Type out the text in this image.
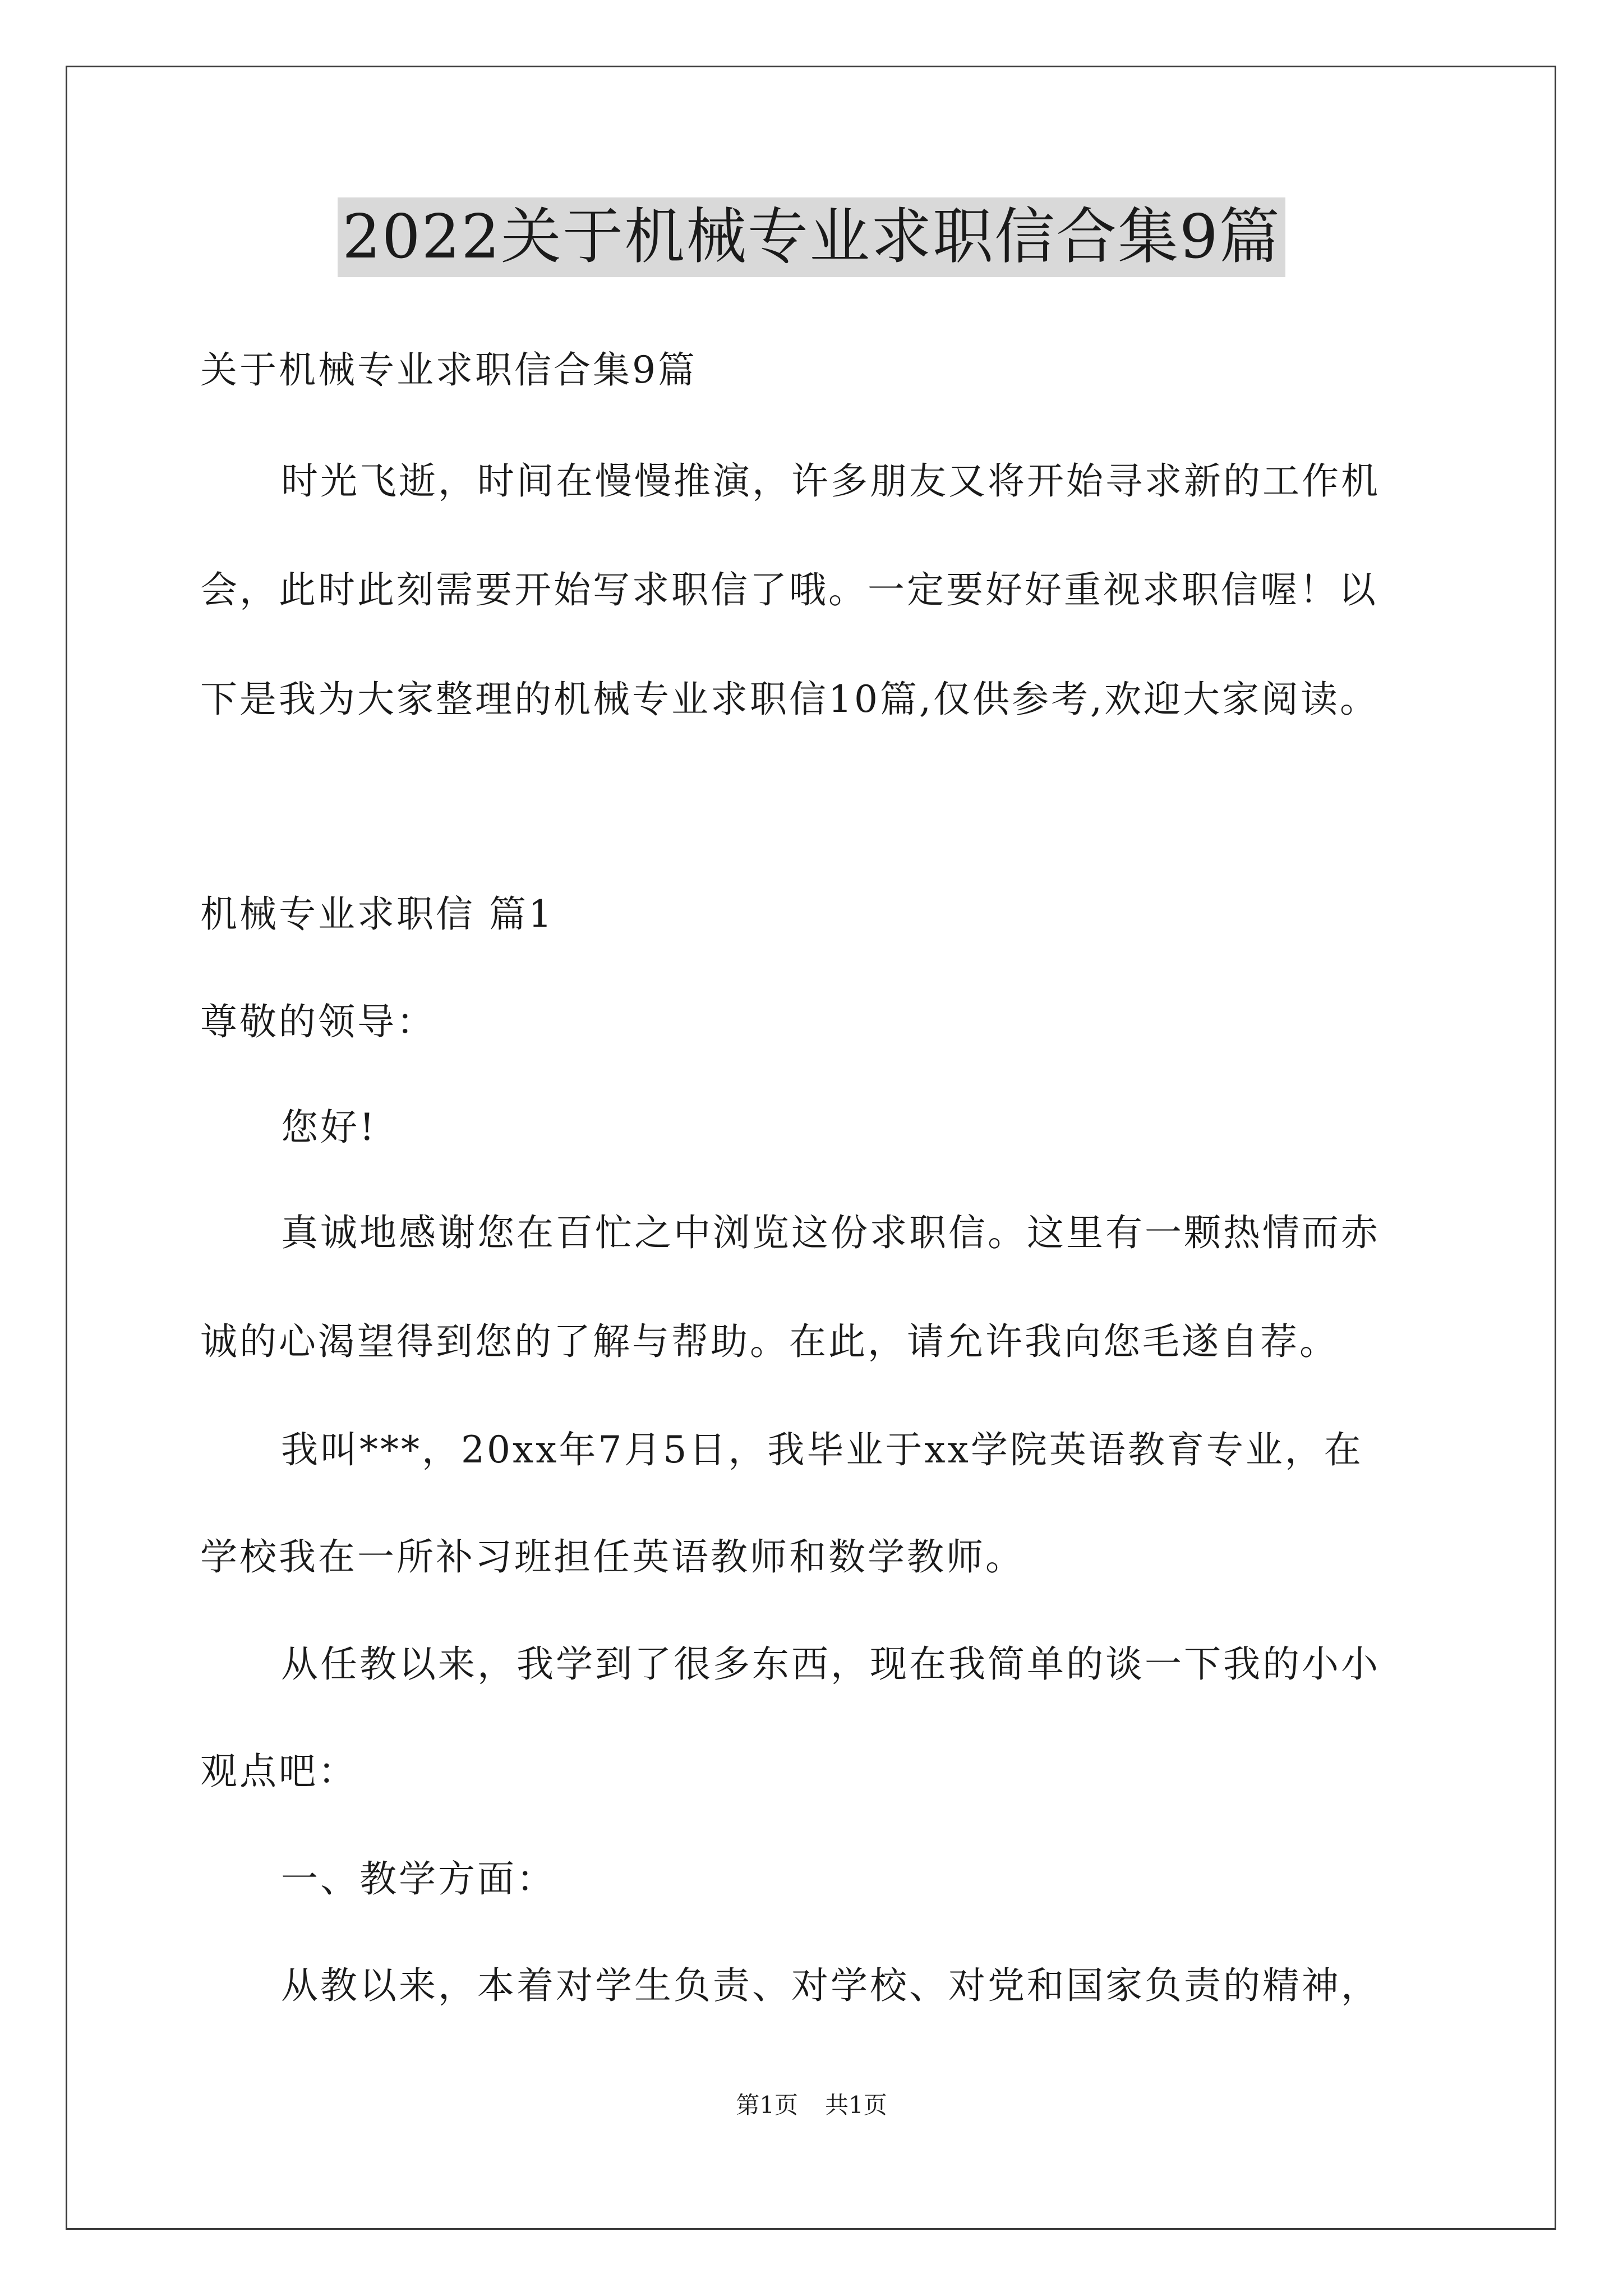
2022关于机械专业求职信合集9篇
关于机械专业求职信合集9篇
时光飞逝，时间在慢慢推演，许多朋友又将开始寻求新的工作机
会，此时此刻需要开始写求职信了哦。一定要好好重视求职信喔！以
下是我为大家整理的机械专业求职信10篇,仅供参考,欢迎大家阅读。
机械专业求职信 篇1
尊敬的领导：
您好!
真诚地感谢您在百忙之中浏览这份求职信。这里有一颗热情而赤
诚的心渴望得到您的了解与帮助。在此，请允许我向您毛遂自荐。
我叫***，20xx年7月5日，我毕业于xx学院英语教育专业，在
学校我在一所补习班担任英语教师和数学教师。
从任教以来，我学到了很多东西，现在我简单的谈一下我的小小
观点吧：
一、教学方面：
从教以来，本着对学生负责、对学校、对党和国家负责的精神，
第1页 共1页
